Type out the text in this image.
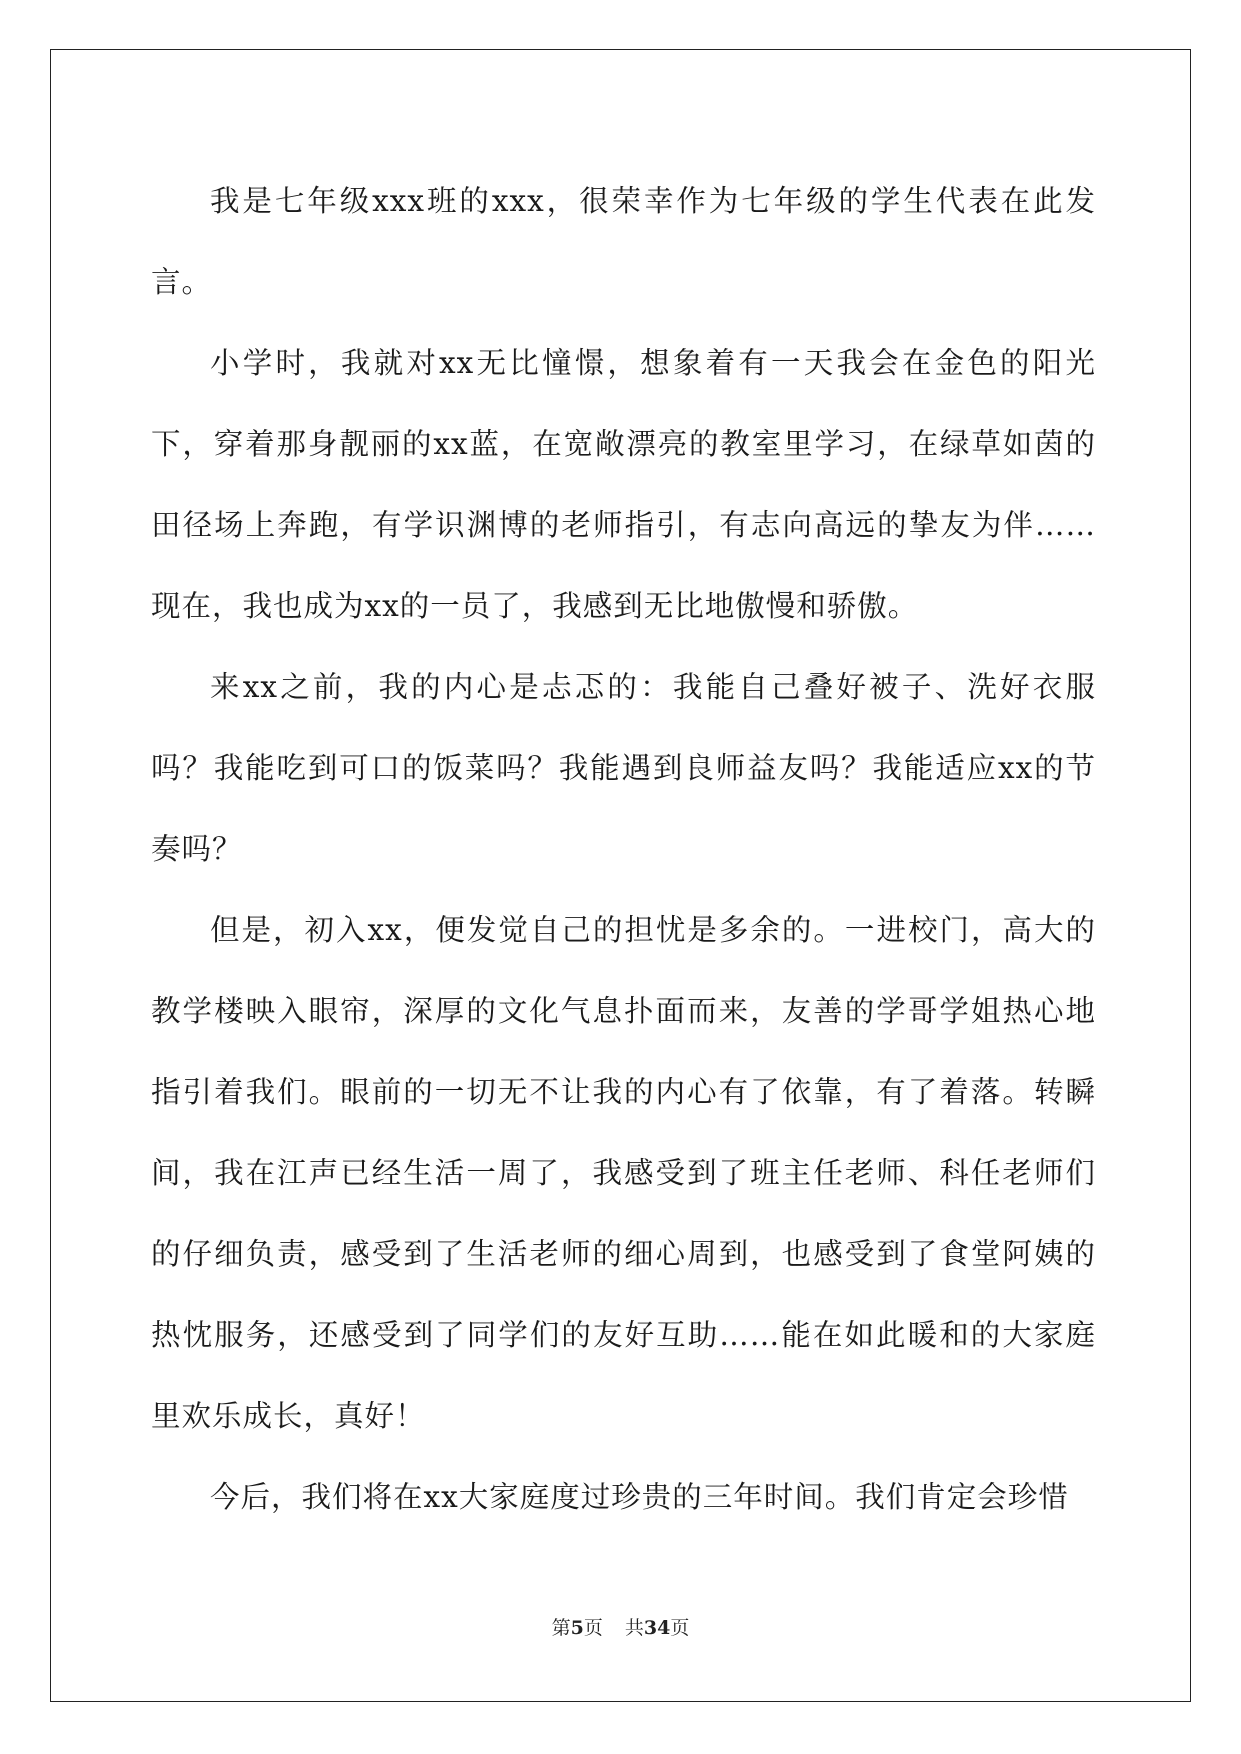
我是七年级xxx班的xxx，很荣幸作为七年级的学生代表在此发言。

小学时，我就对xx无比憧憬，想象着有一天我会在金色的阳光下，穿着那身靓丽的xx蓝，在宽敞漂亮的教室里学习，在绿草如茵的田径场上奔跑，有学识渊博的老师指引，有志向高远的挚友为伴……现在，我也成为xx的一员了，我感到无比地傲慢和骄傲。

来xx之前，我的内心是忐忑的：我能自己叠好被子、洗好衣服吗？我能吃到可口的饭菜吗？我能遇到良师益友吗？我能适应xx的节奏吗？

但是，初入xx，便发觉自己的担忧是多余的。一进校门，高大的教学楼映入眼帘，深厚的文化气息扑面而来，友善的学哥学姐热心地指引着我们。眼前的一切无不让我的内心有了依靠，有了着落。转瞬间，我在江声已经生活一周了，我感受到了班主任老师、科任老师们的仔细负责，感受到了生活老师的细心周到，也感受到了食堂阿姨的热忱服务，还感受到了同学们的友好互助……能在如此暖和的大家庭里欢乐成长，真好！

今后，我们将在xx大家庭度过珍贵的三年时间。我们肯定会珍惜

第5页 共34页
